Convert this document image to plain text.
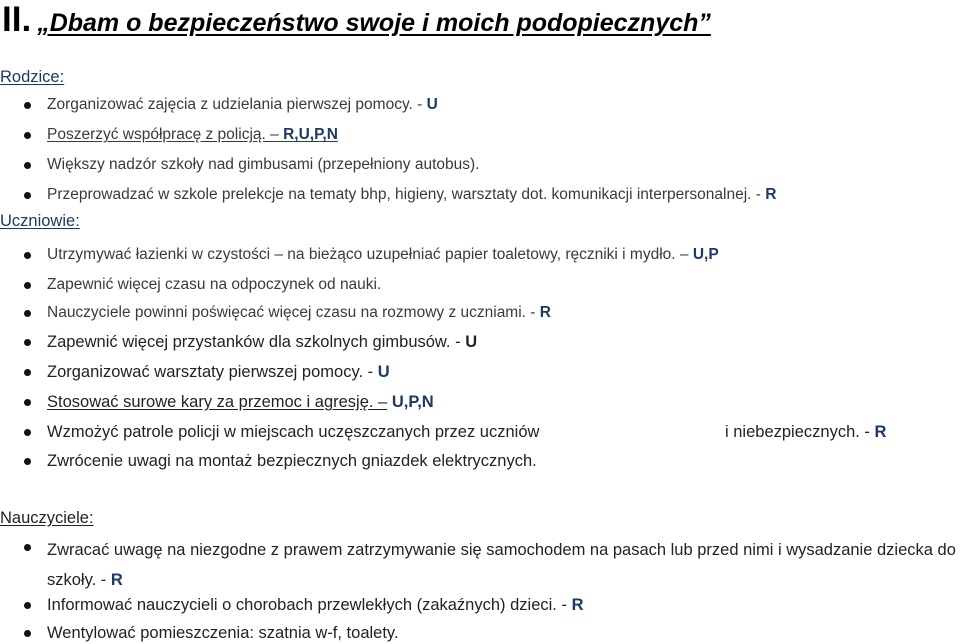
II. „Dbam o bezpieczeństwo swoje i moich podopiecznych”
Rodzice:
Zorganizować zajęcia z udzielania pierwszej pomocy. - U
Poszerzyć współpracę z policją. – R,U,P,N
Większy nadzór szkoły nad gimbusami (przepełniony autobus).
Przeprowadzać w szkole prelekcje na tematy bhp, higieny, warsztaty dot. komunikacji interpersonalnej. - R
Uczniowie:
Utrzymywać łazienki w czystości – na bieżąco uzupełniać papier toaletowy, ręczniki i mydło. – U,P
Zapewnić więcej czasu na odpoczynek od nauki.
Nauczyciele powinni poświęcać więcej czasu na rozmowy z uczniami. - R
Zapewnić więcej przystanków dla szkolnych gimbusów. - U
Zorganizować warsztaty pierwszej pomocy. - U
Stosować surowe kary za przemoc i agresję. – U,P,N
Wzmożyć patrole policji w miejscach uczęszczanych przez uczniów	i niebezpiecznych. - R
Zwrócenie uwagi na montaż bezpiecznych gniazdek elektrycznych.
Nauczyciele:
Zwracać uwagę na niezgodne z prawem zatrzymywanie się samochodem na pasach lub przed nimi i wysadzanie dziecka do szkoły. - R
Informować nauczycieli o chorobach przewlekłych (zakaźnych) dzieci. - R
Wentylować pomieszczenia: szatnia w-f, toalety.
